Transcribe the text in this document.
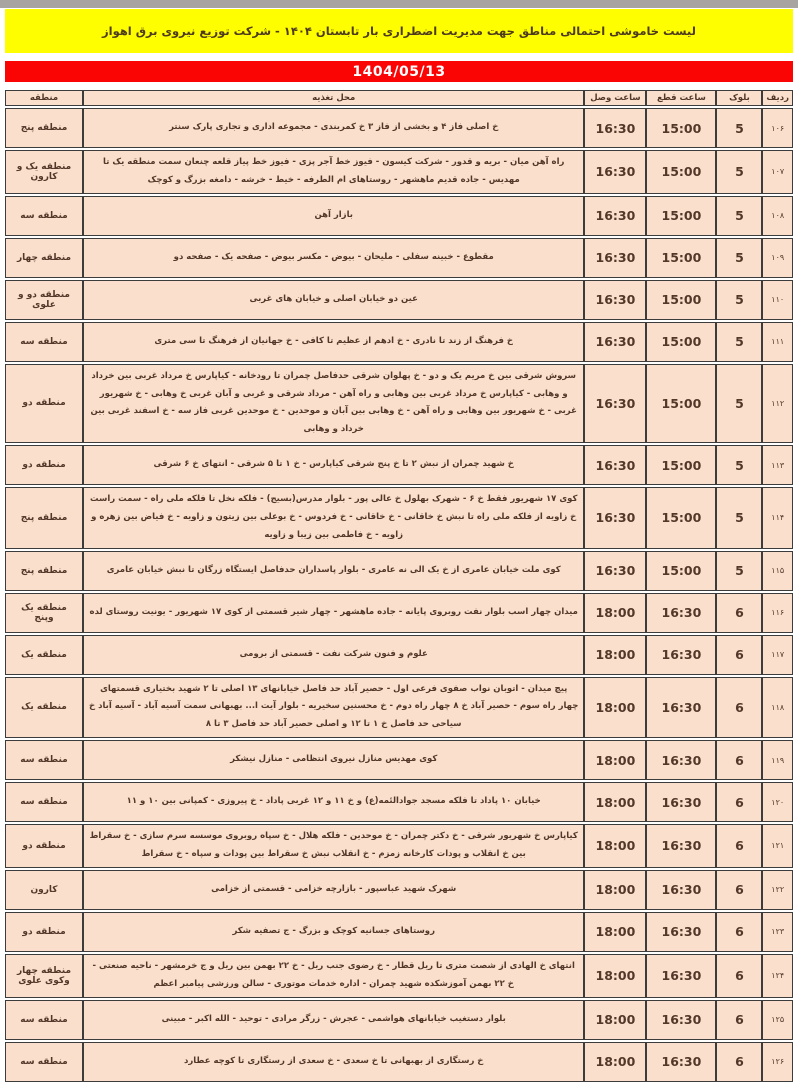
لیست خاموشی احتمالی مناطق جهت مدیریت اضطراری بار تابستان ۱۴۰۴ - شرکت توزیع نیروی برق اهواز
1404/05/13
ردیف	بلوک	ساعت قطع	ساعت وصل	محل تغذیه	منطقه
۱۰۶	5	15:00	16:30	خ اصلی فاز ۴ و بخشی از فاز ۳ خ کمربندی - مجموعه اداری و تجاری پارک سنتر	منطقه پنج
۱۰۷	5	15:00	16:30	راه آهن میان - بریه و قدور - شرکت کیسون - فیوز خط آجر پزی - فیوز خط پیاز قلعه چنعان سمت منطقه یک تا مهدیس - جاده قدیم ماهشهر - روستاهای ام الطرفه - خیط - خرشه - دامغه بزرگ و کوچک	منطقه یک و کارون
۱۰۸	5	15:00	16:30	بازار آهن	منطقه سه
۱۰۹	5	15:00	16:30	مقطوع - خبینه سفلی - ملیحان - بیوض - مکسر بیوض - صفحه یک - صفحه دو	منطقه چهار
۱۱۰	5	15:00	16:30	عین دو خیابان اصلی و خیابان های غربی	منطقه دو و علوی
۱۱۱	5	15:00	16:30	خ فرهنگ از زند تا نادری - خ ادهم از عظیم تا کافی - خ جهانیان از فرهنگ تا سی متری	منطقه سه
۱۱۲	5	15:00	16:30	سروش شرقی بین خ مریم یک و دو - خ پهلوان شرقی حدفاصل چمران تا رودخانه - کیاپارس خ مرداد غربی بین خرداد و وهابی - کیاپارس خ مرداد غربی بین وهابی و راه آهن - مرداد شرقی و غربی و آبان غربی خ وهابی - خ شهریور غربی - خ شهریور بین وهابی و راه آهن - خ وهابی بین آبان و موحدین - خ موحدین غربی فاز سه - خ اسفند غربی بین خرداد و وهابی	منطقه دو
۱۱۳	5	15:00	16:30	خ شهید چمران از نبش ۲ تا خ پنج شرقی کیاپارس - خ ۱ تا ۵ شرقی - انتهای خ ۶ شرقی	منطقه دو
۱۱۴	5	15:00	16:30	کوی ۱۷ شهریور فقط خ ۶ - شهرک بهلول خ عالی پور - بلوار مدرس(بسیج) - فلکه نخل تا فلکه ملی راه - سمت راست خ زاویه از فلکه ملی راه تا نبش خ خاقانی - خ خاقانی - خ فردوس - خ بوعلی بین زیتون و زاویه - خ فیاض بین زهره و زاویه - خ فاطمی بین زیبا و زاویه	منطقه پنج
۱۱۵	5	15:00	16:30	کوی ملت خیابان عامری از خ یک الی نه عامری - بلوار پاسداران حدفاصل ایستگاه زرگان تا نبش خیابان عامری	منطقه پنج
۱۱۶	6	16:30	18:00	میدان چهار اسب بلوار نفت روبروی پایانه - جاده ماهشهر - چهار شیر قسمتی از کوی ۱۷ شهریور - یونیت روستای لده	منطقه یک وپنج
۱۱۷	6	16:30	18:00	علوم و فنون شرکت نفت - قسمتی از برومی	منطقه یک
۱۱۸	6	16:30	18:00	پیچ میدان - اتوبان نواب صفوی فرعی اول - حصیر آباد حد فاصل خیابانهای ۱۳ اصلی تا ۲ شهید بختیاری قسمتهای چهار راه سوم - حصیر آباد خ ۸ چهار راه دوم - خ محسنین سخیریه - بلوار آیت ا... بهبهانی سمت آسیه آباد - آسیه آباد خ سیاحی حد فاصل خ ۱ تا ۱۲ و اصلی حصیر آباد حد فاصل ۳ تا ۸	منطقه یک
۱۱۹	6	16:30	18:00	کوی مهدیس منازل نیروی انتظامی - منازل نیشکر	منطقه سه
۱۲۰	6	16:30	18:00	خیابان ۱۰ پاداد تا فلکه مسجد جوادالئمه(ع) و خ ۱۱ و ۱۲ غربی پاداد - خ پیروزی - کمپانی بین ۱۰ و ۱۱	منطقه سه
۱۲۱	6	16:30	18:00	کیاپارس خ شهریور شرقی - خ دکتر چمران - خ موحدین - فلکه هلال - خ سپاه روبروی موسسه سرم سازی - خ سقراط بین خ انقلاب و پودات کارخانه زمزم - خ انقلاب نبش خ سقراط بین پودات و سپاه - خ سقراط	منطقه دو
۱۲۲	6	16:30	18:00	شهرک شهید عباسپور - بازارچه خزامی - قسمتی از خزامی	کارون
۱۲۳	6	16:30	18:00	روستاهای جسانیه کوچک و بزرگ - ج تصفیه شکر	منطقه دو
۱۲۴	6	16:30	18:00	انتهای خ الهادی از شصت متری تا ریل قطار - خ رضوی جنب ریل - خ ۲۲ بهمن بین ریل و ج خرمشهر - ناحیه صنعتی - خ ۲۲ بهمن آموزشکده شهید چمران - اداره خدمات موتوری - سالن ورزشی پیامبر اعظم	منطقه چهار وکوی علوی
۱۲۵	6	16:30	18:00	بلوار دستغیب خیابانهای هواشمی - عجرش - زرگر مرادی - توحید - الله اکبر - مبینی	منطقه سه
۱۲۶	6	16:30	18:00	خ رستگاری از بهبهانی تا خ سعدی - خ سعدی از رستگاری تا کوچه عطارد	منطقه سه
